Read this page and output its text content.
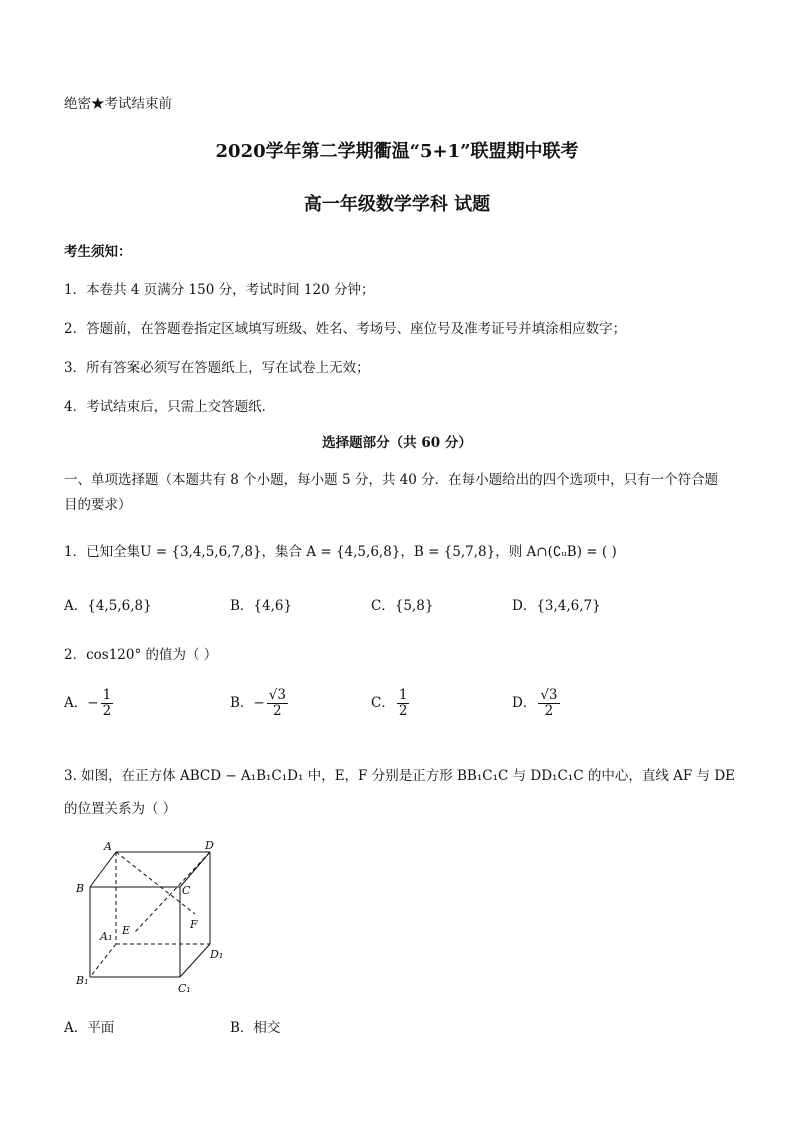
绝密★考试结束前
2020学年第二学期衢温“5+1”联盟期中联考
高一年级数学学科 试题
考生须知：
1．本卷共 4 页满分 150 分，考试时间 120 分钟；
2．答题前，在答题卷指定区域填写班级、姓名、考场号、座位号及准考证号并填涂相应数字；
3．所有答案必须写在答题纸上，写在试卷上无效；
4．考试结束后，只需上交答题纸．
选择题部分（共 60 分）
一、单项选择题（本题共有 8 个小题，每小题 5 分，共 40 分．在每小题给出的四个选项中，只有一个符合题
目的要求）
1．已知全集U = {3,4,5,6,7,8}，集合 A = {4,5,6,8}，B = {5,7,8}，则 A∩(∁ᵤB) = ( )
A．{4,5,6,8}	B．{4,6}	C．{5,8}	D．{3,4,6,7}
2．cos120° 的值为（ ）
A．− $\frac{1}{2}$	B．− $\frac{√3}{2}$	C． $\frac{1}{2}$	D． $\frac{√3}{2}$
3. 如图，在正方体 ABCD − A₁B₁C₁D₁ 中，E，F 分别是正方形 BB₁C₁C 与 DD₁C₁C 的中心，直线 AF 与 DE
的位置关系为（ ）
A	D
B	C
A₁ E	F
D₁
B₁
C₁
A．平面	B．相交
